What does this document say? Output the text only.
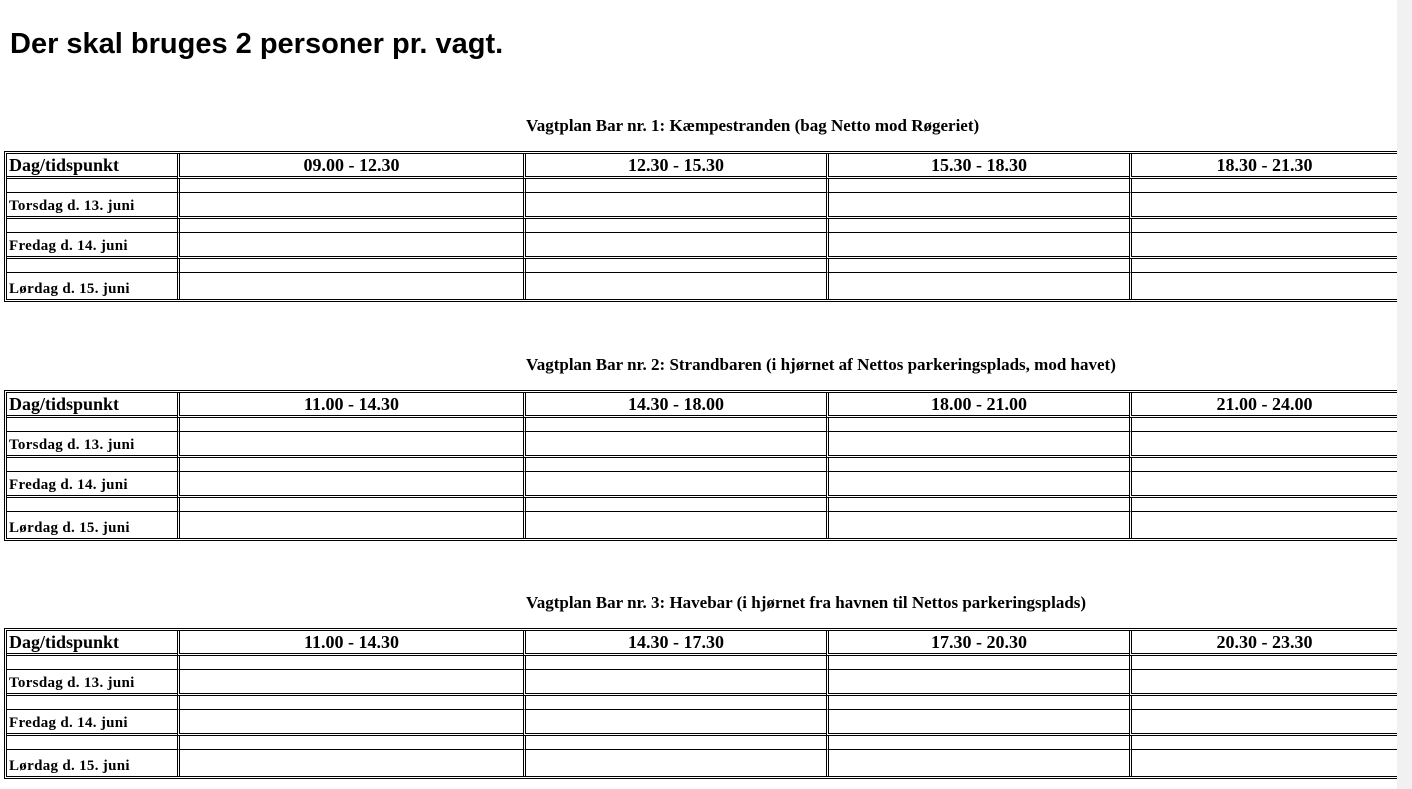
Der skal bruges 2 personer pr. vagt.
Vagtplan Bar nr. 1: Kæmpestranden (bag Netto mod Røgeriet)
Dag/tidspunkt	09.00 - 12.30	12.30 - 15.30	15.30 - 18.30	18.30 - 21.30

Torsdag d. 13. juni				

Fredag d. 14. juni				

Lørdag d. 15. juni				
Vagtplan Bar nr. 2: Strandbaren (i hjørnet af Nettos parkeringsplads, mod havet)
Dag/tidspunkt	11.00 - 14.30	14.30 - 18.00	18.00 - 21.00	21.00 - 24.00

Torsdag d. 13. juni				

Fredag d. 14. juni				

Lørdag d. 15. juni				
Vagtplan Bar nr. 3: Havebar (i hjørnet fra havnen til Nettos parkeringsplads)
Dag/tidspunkt	11.00 - 14.30	14.30 - 17.30	17.30 - 20.30	20.30 - 23.30

Torsdag d. 13. juni				

Fredag d. 14. juni				

Lørdag d. 15. juni				
